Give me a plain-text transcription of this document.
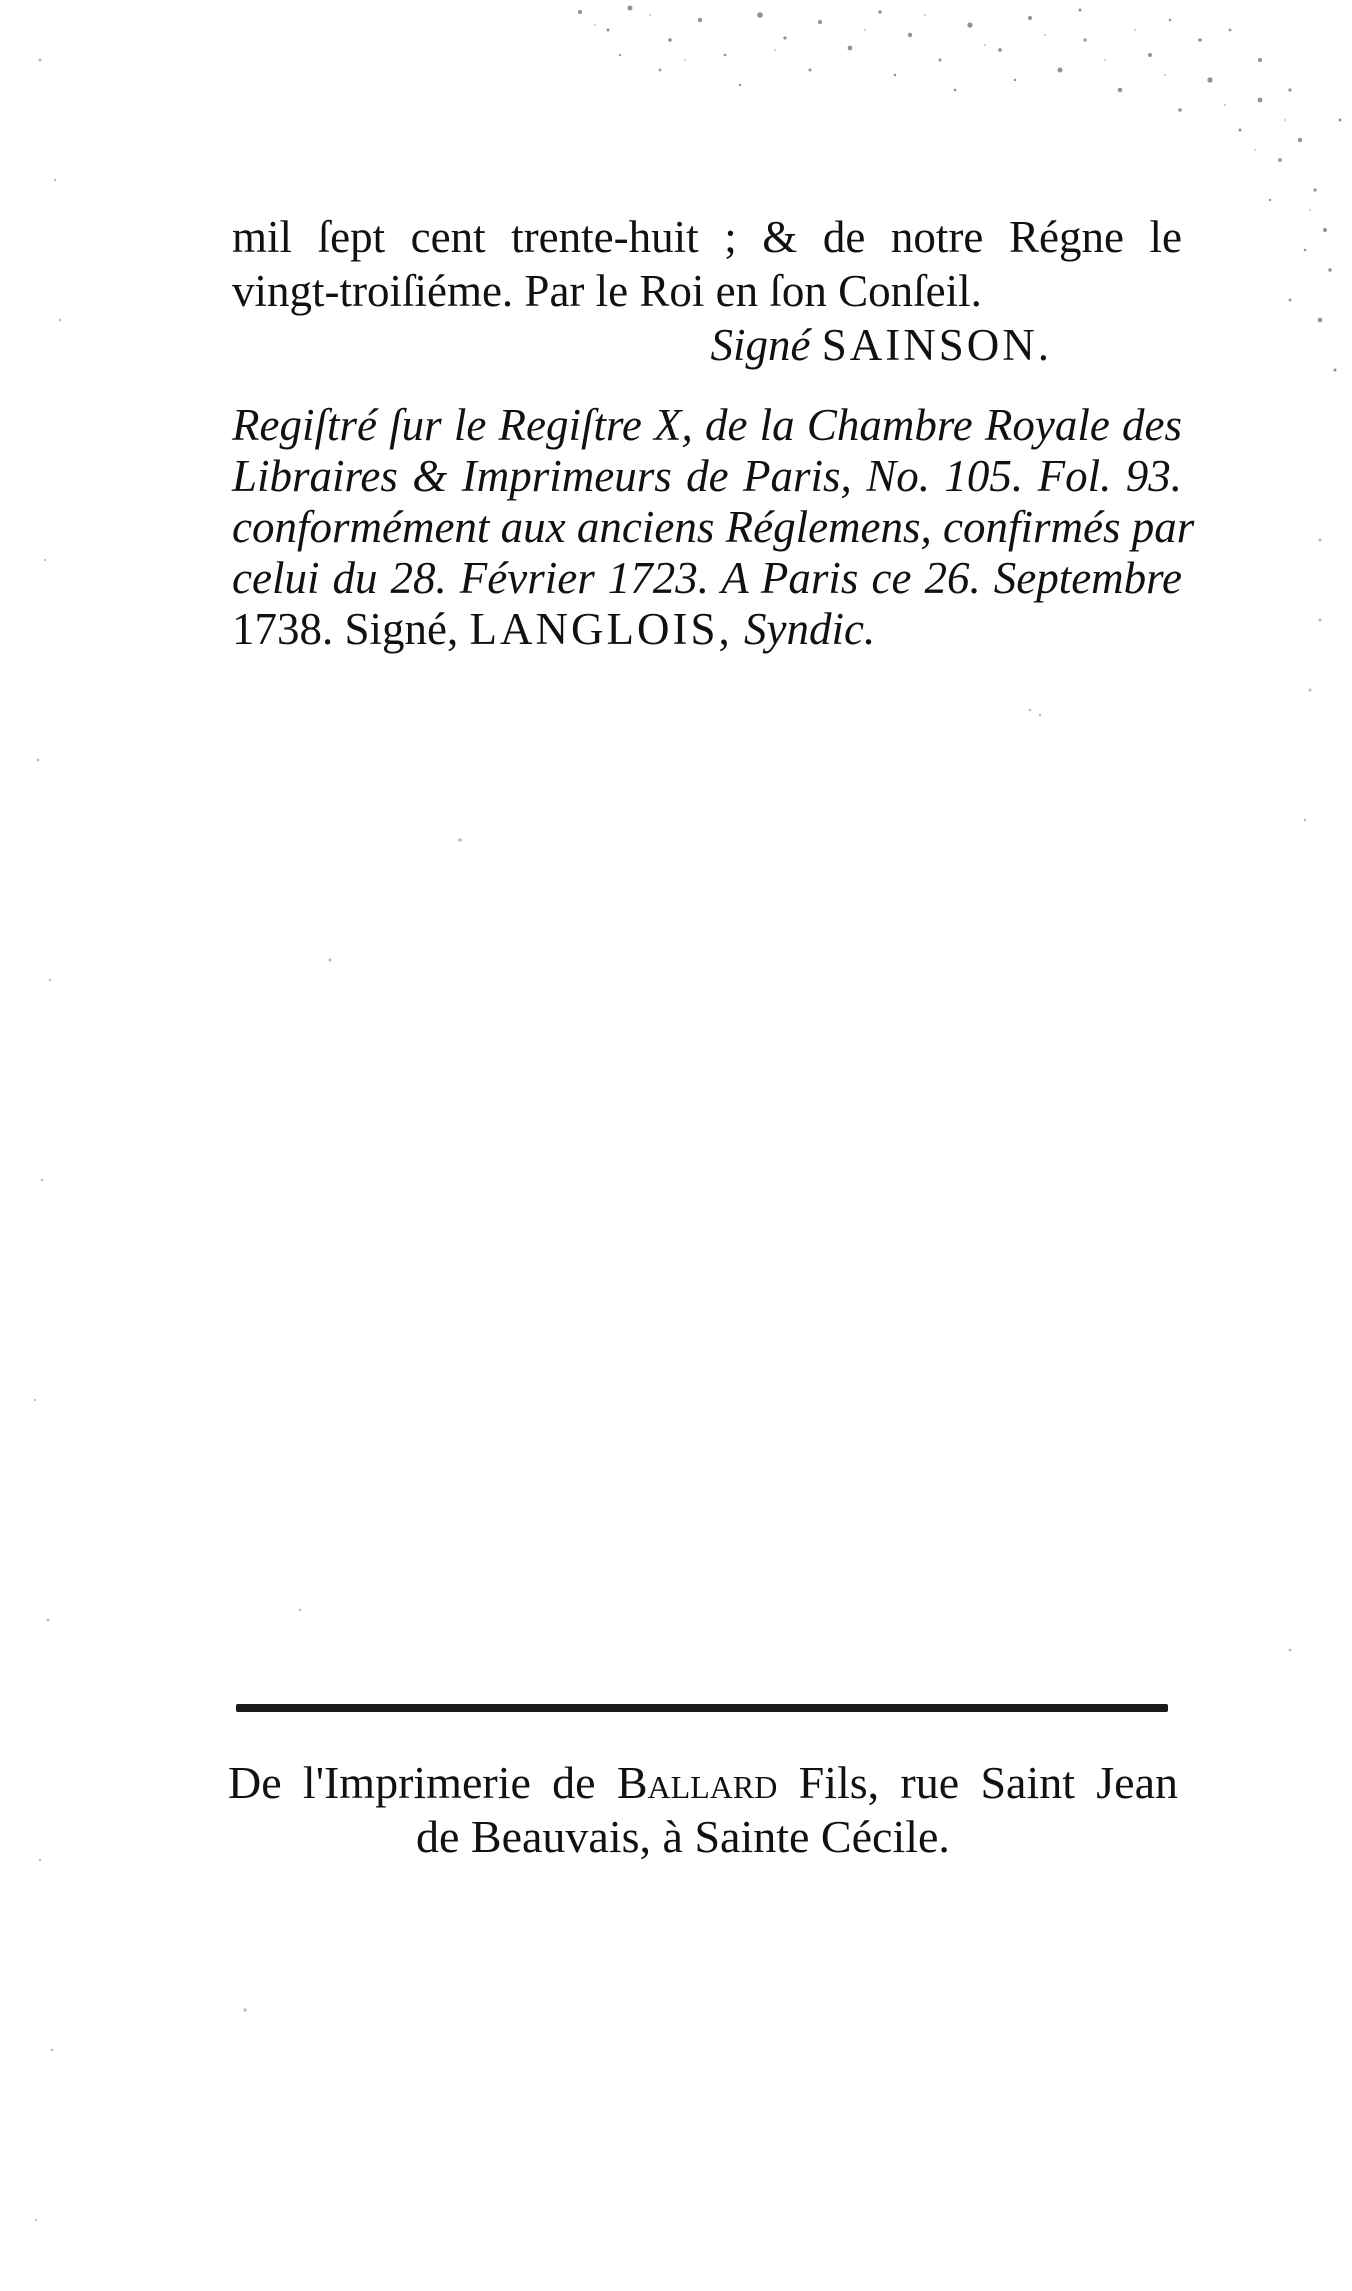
mil ſept cent trente-huit ; & de notre Régne le
vingt-troiſiéme. Par le Roi en ſon Conſeil.
Signé SAINSON.
Regiſtré ſur le Regiſtre X, de la Chambre Royale des
Libraires & Imprimeurs de Paris, No. 105. Fol. 93.
conformément aux anciens Réglemens, confirmés par
celui du 28. Février 1723. A Paris ce 26. Septembre
1738. Signé, LANGLOIS, Syndic.
De l'Imprimerie de Ballard Fils, rue Saint Jean
de Beauvais, à Sainte Cécile.
